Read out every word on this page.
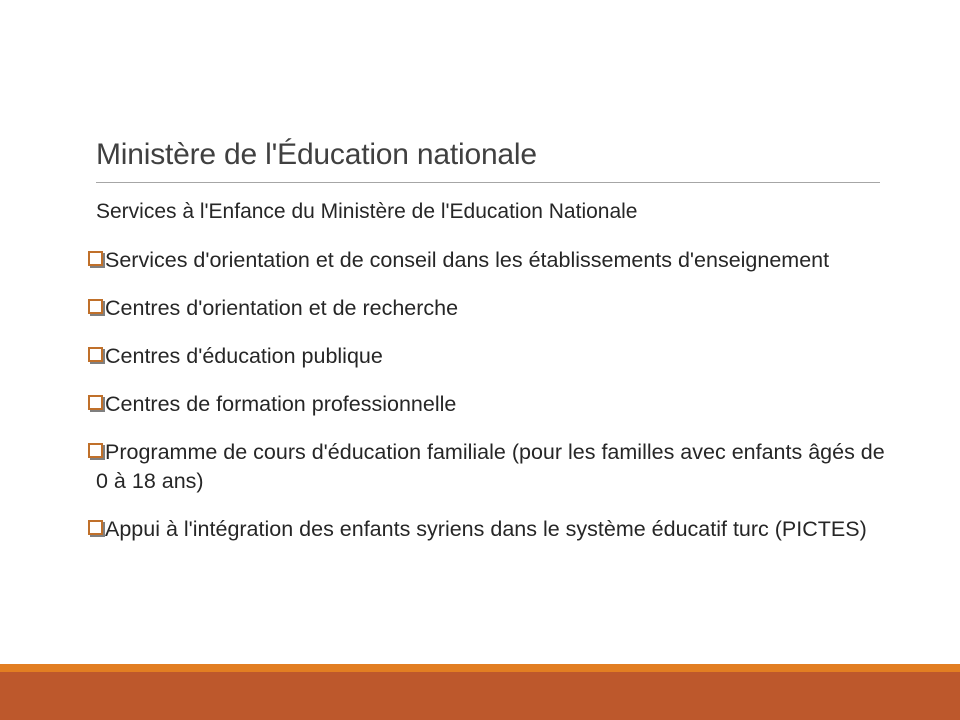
Ministère de l'Éducation nationale
Services à l'Enfance du Ministère de l'Education Nationale
Services d'orientation et de conseil dans les établissements d'enseignement
Centres d'orientation et de recherche
Centres d'éducation publique
Centres de formation professionnelle
Programme de cours d'éducation familiale (pour les familles avec enfants âgés de 0 à 18 ans)
Appui à l'intégration des enfants syriens dans le système éducatif turc (PICTES)
